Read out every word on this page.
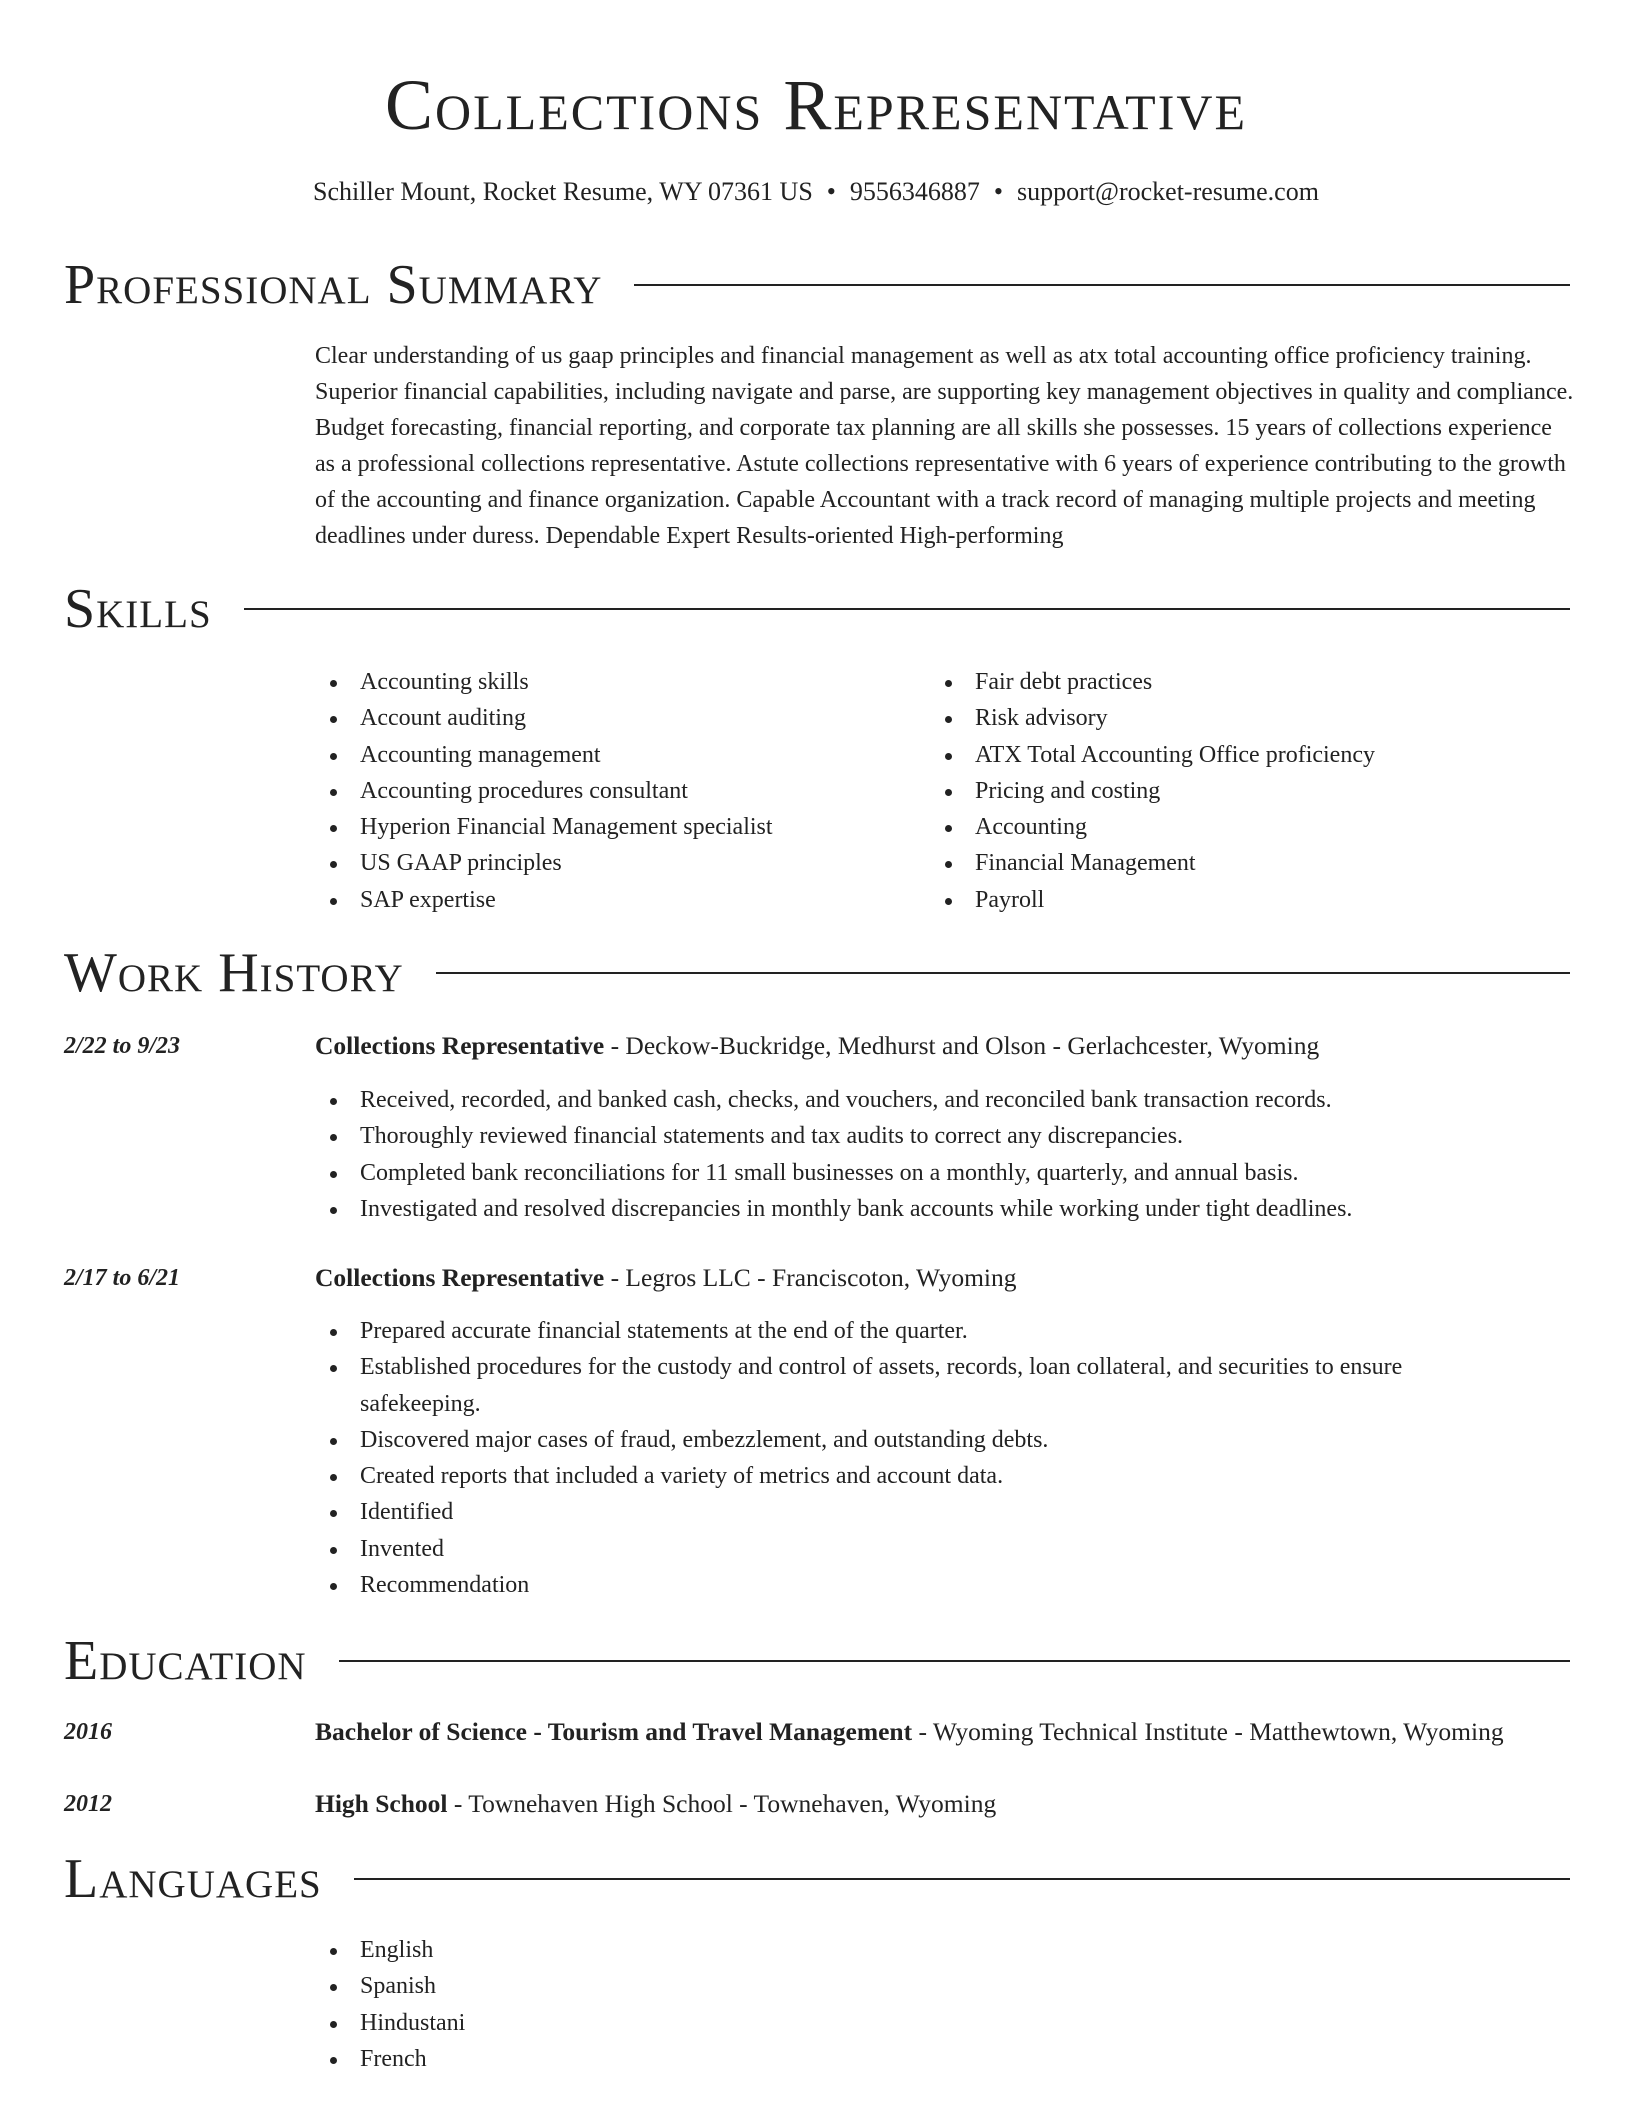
Collections Representative
Schiller Mount, Rocket Resume, WY 07361 US • 9556346887 • support@rocket-resume.com
Professional Summary
Clear understanding of us gaap principles and financial management as well as atx total accounting office proficiency training. Superior financial capabilities, including navigate and parse, are supporting key management objectives in quality and compliance. Budget forecasting, financial reporting, and corporate tax planning are all skills she possesses. 15 years of collections experience as a professional collections representative. Astute collections representative with 6 years of experience contributing to the growth of the accounting and finance organization. Capable Accountant with a track record of managing multiple projects and meeting deadlines under duress. Dependable Expert Results-oriented High-performing
Skills
Accounting skills
Account auditing
Accounting management
Accounting procedures consultant
Hyperion Financial Management specialist
US GAAP principles
SAP expertise
Fair debt practices
Risk advisory
ATX Total Accounting Office proficiency
Pricing and costing
Accounting
Financial Management
Payroll
Work History
2/22 to 9/23	Collections Representative - Deckow-Buckridge, Medhurst and Olson - Gerlachcester, Wyoming
Received, recorded, and banked cash, checks, and vouchers, and reconciled bank transaction records.
Thoroughly reviewed financial statements and tax audits to correct any discrepancies.
Completed bank reconciliations for 11 small businesses on a monthly, quarterly, and annual basis.
Investigated and resolved discrepancies in monthly bank accounts while working under tight deadlines.
2/17 to 6/21	Collections Representative - Legros LLC - Franciscoton, Wyoming
Prepared accurate financial statements at the end of the quarter.
Established procedures for the custody and control of assets, records, loan collateral, and securities to ensure safekeeping.
Discovered major cases of fraud, embezzlement, and outstanding debts.
Created reports that included a variety of metrics and account data.
Identified
Invented
Recommendation
Education
2016	Bachelor of Science - Tourism and Travel Management - Wyoming Technical Institute - Matthewtown, Wyoming
2012	High School - Townehaven High School - Townehaven, Wyoming
Languages
English
Spanish
Hindustani
French
